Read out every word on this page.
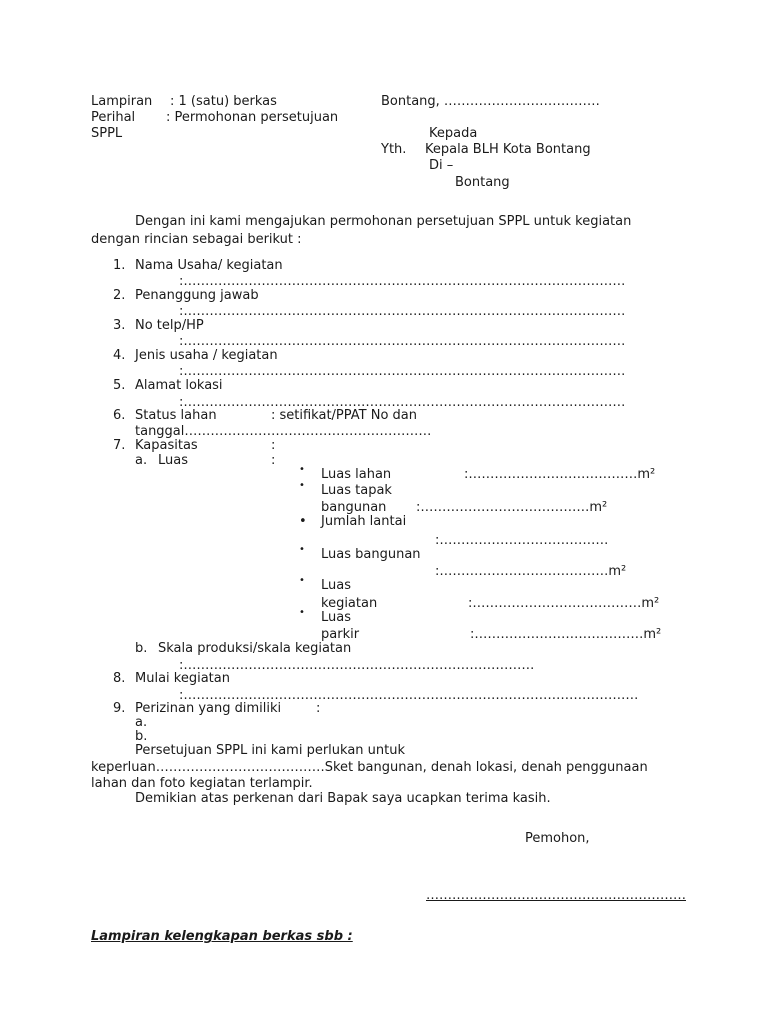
Lampiran : 1 (satu) berkas
Perihal : Permohonan persetujuan
SPPL
Bontang, ………………………………
Kepada
Yth. Kepala BLH Kota Bontang
Di –
Bontang
Dengan ini kami mengajukan permohonan persetujuan SPPL untuk kegiatan
dengan rincian sebagai berikut :
1. Nama Usaha/ kegiatan
:…………………………………………………………………………………………
2. Penanggung jawab
:…………………………………………………………………………………………
3. No telp/HP
:…………………………………………………………………………………………
4. Jenis usaha / kegiatan
:…………………………………………………………………………………………
5. Alamat lokasi
:…………………………………………………………………………………………
6. Status lahan	: setifikat/PPAT No dan
tanggal…………………………………………………
7. Kapasitas	:
a. Luas	:
• Luas lahan	:…………………………………m²
• Luas tapak
bangunan :…………………………………m²
• Jumlah lantai
:…………………………………
• Luas bangunan
:…………………………………m²
• Luas
kegiatan	:…………………………………m²
• Luas
parkir	:…………………………………m²
b. Skala produksi/skala kegiatan
:………………………………………………………………………
8. Mulai kegiatan
:……………………………………………………………………………………………
9. Perizinan yang dimiliki	:
a.
b.
Persetujuan SPPL ini kami perlukan untuk
keperluan…………………………………Sket bangunan, denah lokasi, denah penggunaan
lahan dan foto kegiatan terlampir.
Demikian atas perkenan dari Bapak saya ucapkan terima kasih.
Pemohon,
……………………………………………………
Lampiran kelengkapan berkas sbb :
